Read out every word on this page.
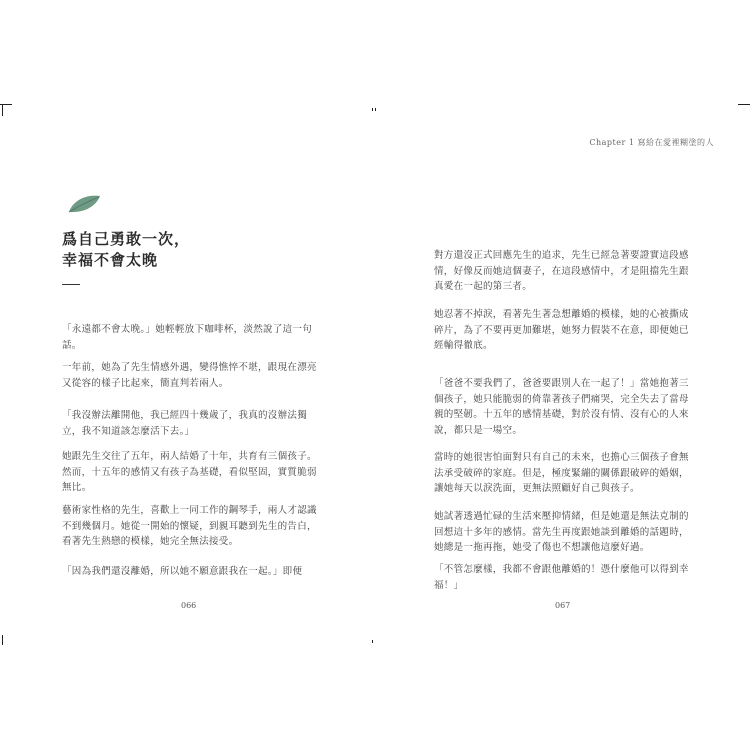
爲自己勇敢一次，
幸福不會太晚

「永遠都不會太晚。」她輕輕放下咖啡杯，淡然說了這一句話。

一年前，她為了先生情感外遇，變得憔悴不堪，跟現在漂亮又從容的樣子比起來，簡直判若兩人。

「我沒辦法離開他，我已經四十幾歲了，我真的沒辦法獨立，我不知道該怎麼活下去。」

她跟先生交往了五年，兩人結婚了十年，共育有三個孩子。然而，十五年的感情又有孩子為基礎，看似堅固，實質脆弱無比。

藝術家性格的先生，喜歡上一同工作的鋼琴手，兩人才認識不到幾個月。她從一開始的懷疑，到親耳聽到先生的告白，看著先生熱戀的模樣，她完全無法接受。

「因為我們還沒離婚，所以她不願意跟我在一起。」即便

066
Chapter 1 寫給在愛裡糊塗的人

對方還沒正式回應先生的追求，先生已經急著要證實這段感情，好像反而她這個妻子，在這段感情中，才是阻擋先生跟真愛在一起的第三者。

她忍著不掉淚，看著先生著急想離婚的模樣，她的心被撕成碎片，為了不要再更加難堪，她努力假裝不在意，即便她已經輸得徹底。

「爸爸不要我們了，爸爸要跟別人在一起了！」當她抱著三個孩子，她只能脆弱的倚靠著孩子們痛哭，完全失去了當母親的堅韌。十五年的感情基礎，對於沒有情、沒有心的人來說，都只是一場空。

當時的她很害怕面對只有自己的未來，也擔心三個孩子會無法承受破碎的家庭。但是，極度緊繃的關係跟破碎的婚姻，讓她每天以淚洗面，更無法照顧好自己與孩子。

她試著透過忙碌的生活來壓抑情緒，但是她還是無法克制的回想這十多年的感情。當先生再度跟她談到離婚的話題時，她總是一拖再拖，她受了傷也不想讓他這麼好過。

「不管怎麼樣，我都不會跟他離婚的！憑什麼他可以得到幸福！」

067
